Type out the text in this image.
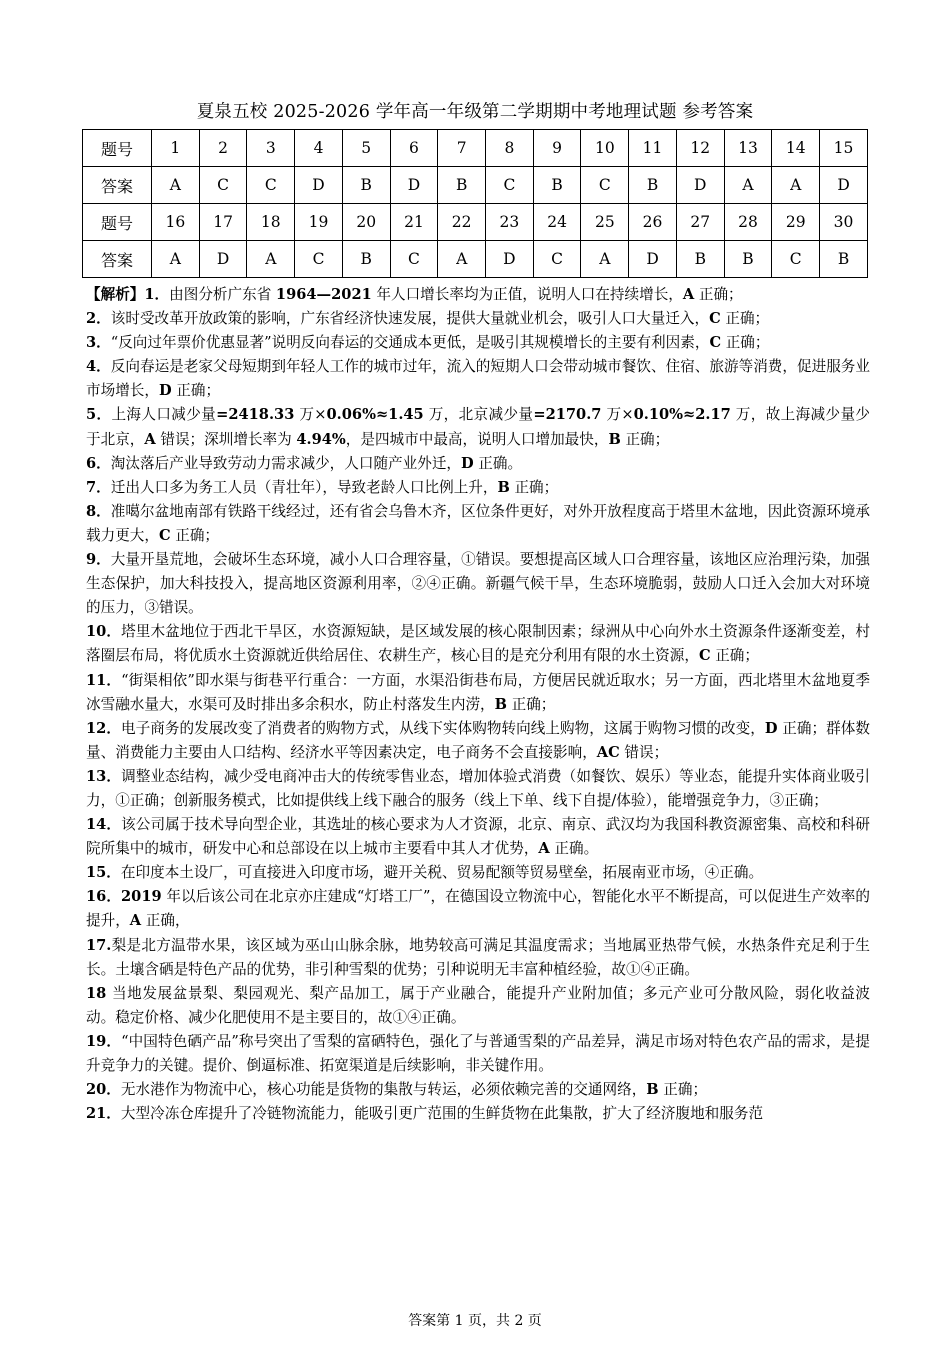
夏泉五校 2025-2026 学年高一年级第二学期期中考地理试题 参考答案
题号	1	2	3	4	5	6	7	8	9	10	11	12	13	14	15
答案	A	C	C	D	B	D	B	C	B	C	B	D	A	A	D
题号	16	17	18	19	20	21	22	23	24	25	26	27	28	29	30
答案	A	D	A	C	B	C	A	D	C	A	D	B	B	C	B

【解析】1．由图分析广东省 1964—2021 年人口增长率均为正值，说明人口在持续增长，A 正确；

2．该时受改革开放政策的影响，广东省经济快速发展，提供大量就业机会，吸引人口大量迁入，C 正确；

3．“反向过年票价优惠显著”说明反向春运的交通成本更低，是吸引其规模增长的主要有利因素，C 正确；

4．反向春运是老家父母短期到年轻人工作的城市过年，流入的短期人口会带动城市餐饮、住宿、旅游等消费，促进服务业市场增长，D 正确；

5．上海人口减少量=2418.33 万×0.06%≈1.45 万，北京减少量=2170.7 万×0.10%≈2.17 万，故上海减少量少于北京，A 错误；深圳增长率为 4.94%，是四城市中最高，说明人口增加最快，B 正确；

6．淘汰落后产业导致劳动力需求减少，人口随产业外迁，D 正确。

7．迁出人口多为务工人员（青壮年），导致老龄人口比例上升，B 正确；

8．准噶尔盆地南部有铁路干线经过，还有省会乌鲁木齐，区位条件更好，对外开放程度高于塔里木盆地，因此资源环境承载力更大，C 正确；

9．大量开垦荒地，会破坏生态环境，减小人口合理容量，①错误。要想提高区域人口合理容量，该地区应治理污染，加强生态保护，加大科技投入，提高地区资源利用率，②④正确。新疆气候干旱，生态环境脆弱，鼓励人口迁入会加大对环境的压力，③错误。

10．塔里木盆地位于西北干旱区，水资源短缺，是区域发展的核心限制因素；绿洲从中心向外水土资源条件逐渐变差，村落圈层布局，将优质水土资源就近供给居住、农耕生产，核心目的是充分利用有限的水土资源，C 正确；

11．“街渠相依”即水渠与街巷平行重合：一方面，水渠沿街巷布局，方便居民就近取水；另一方面，西北塔里木盆地夏季冰雪融水量大，水渠可及时排出多余积水，防止村落发生内涝，B 正确；

12．电子商务的发展改变了消费者的购物方式，从线下实体购物转向线上购物，这属于购物习惯的改变，D 正确；群体数量、消费能力主要由人口结构、经济水平等因素决定，电子商务不会直接影响，AC 错误；

13．调整业态结构，减少受电商冲击大的传统零售业态，增加体验式消费（如餐饮、娱乐）等业态，能提升实体商业吸引力，①正确；创新服务模式，比如提供线上线下融合的服务（线上下单、线下自提/体验），能增强竞争力，③正确；

14．该公司属于技术导向型企业，其选址的核心要求为人才资源，北京、南京、武汉均为我国科教资源密集、高校和科研院所集中的城市，研发中心和总部设在以上城市主要看中其人才优势，A 正确。

15．在印度本土设厂，可直接进入印度市场，避开关税、贸易配额等贸易壁垒，拓展南亚市场，④正确。

16．2019 年以后该公司在北京亦庄建成“灯塔工厂”，在德国设立物流中心，智能化水平不断提高，可以促进生产效率的提升，A 正确，

17.梨是北方温带水果，该区域为巫山山脉余脉，地势较高可满足其温度需求；当地属亚热带气候，水热条件充足利于生长。土壤含硒是特色产品的优势，非引种雪梨的优势；引种说明无丰富种植经验，故①④正确。

18 当地发展盆景梨、梨园观光、梨产品加工，属于产业融合，能提升产业附加值；多元产业可分散风险，弱化收益波动。稳定价格、减少化肥使用不是主要目的，故①④正确。

19．“中国特色硒产品”称号突出了雪梨的富硒特色，强化了与普通雪梨的产品差异，满足市场对特色农产品的需求，是提升竞争力的关键。提价、倒逼标准、拓宽渠道是后续影响，非关键作用。

20．无水港作为物流中心，核心功能是货物的集散与转运，必须依赖完善的交通网络，B 正确；

21．大型冷冻仓库提升了冷链物流能力，能吸引更广范围的生鲜货物在此集散，扩大了经济腹地和服务范

答案第 1 页，共 2 页
